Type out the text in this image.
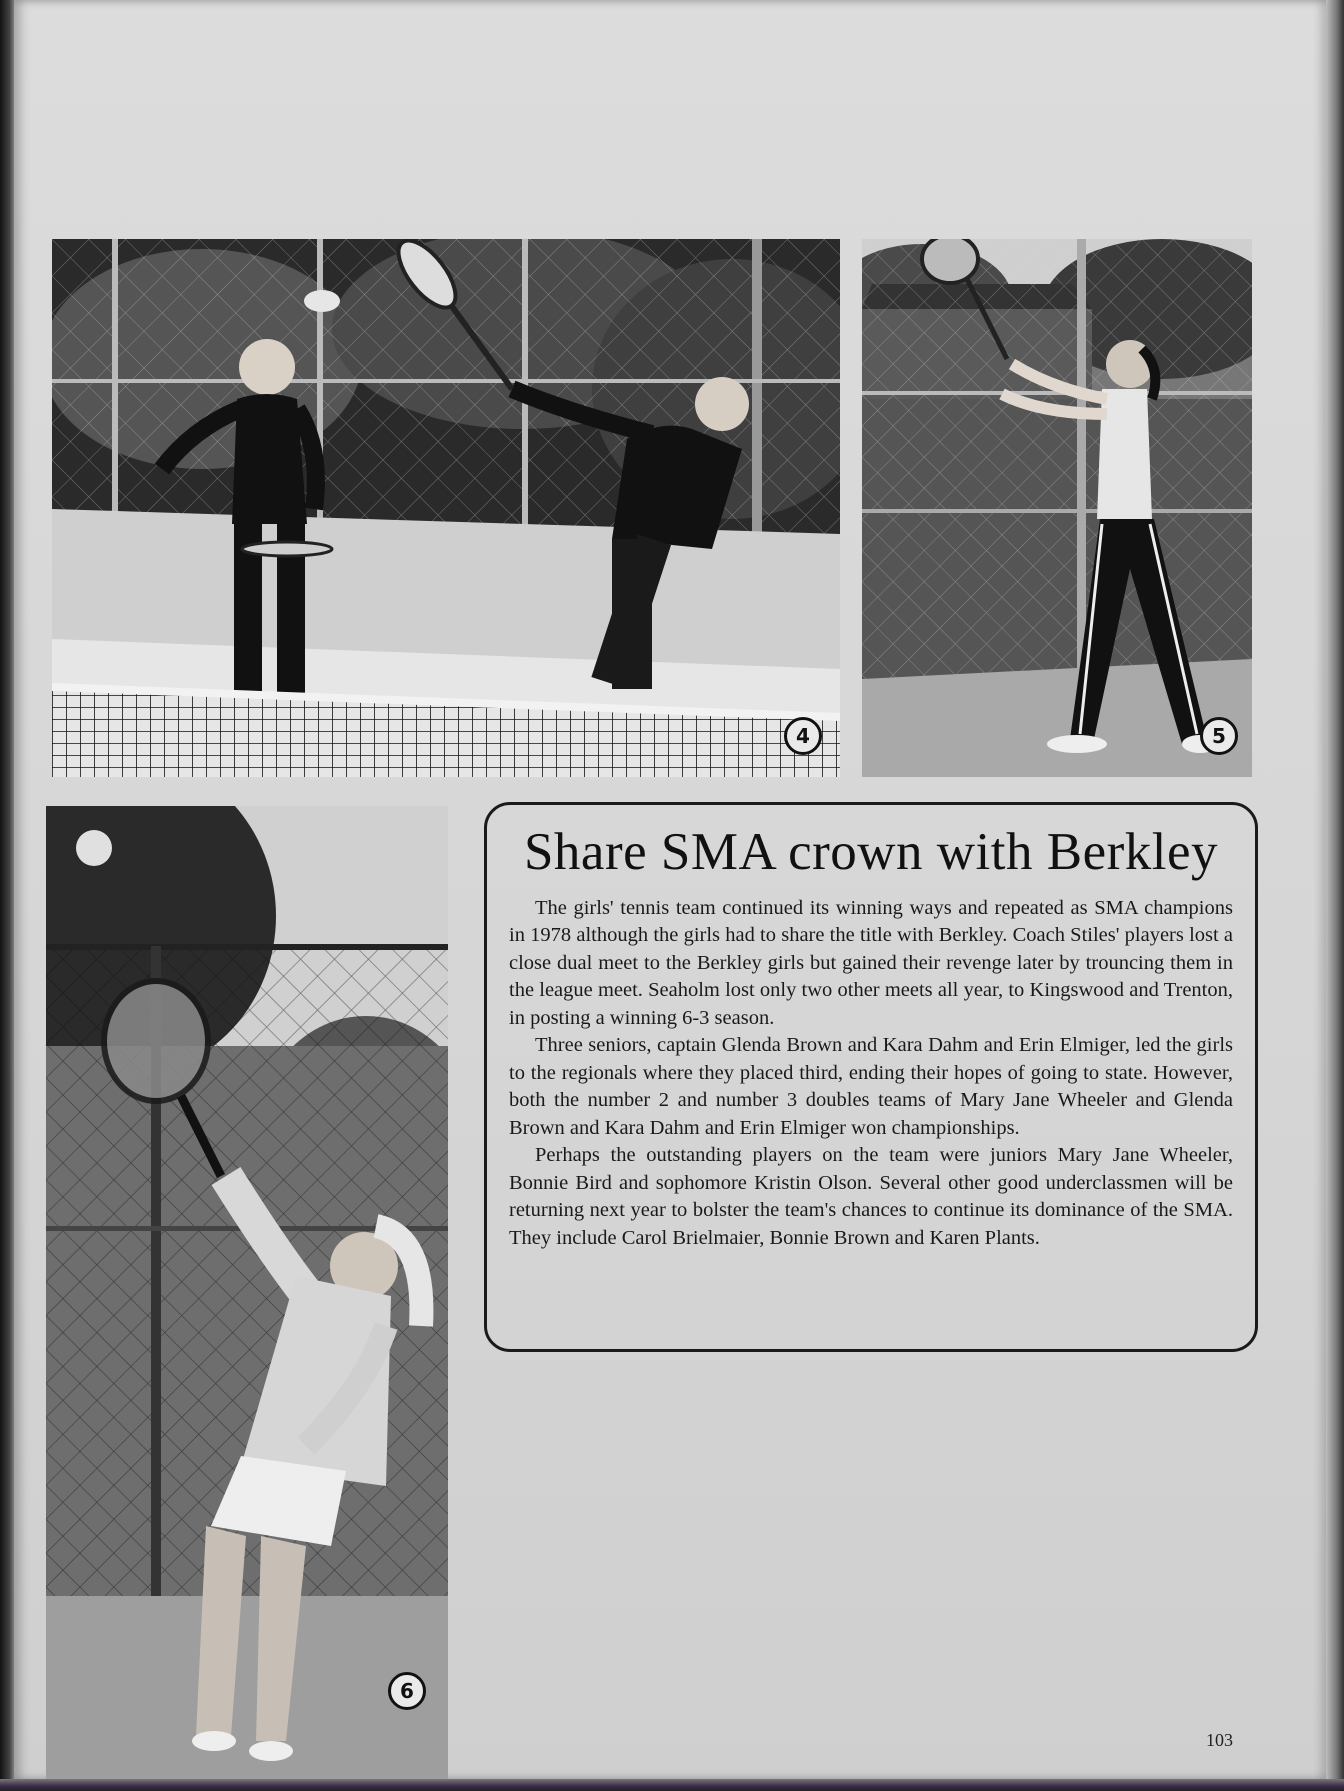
4	5
6
Share SMA crown with Berkley

The girls' tennis team continued its winning ways and repeated as SMA champions in 1978 although the girls had to share the title with Berkley. Coach Stiles' players lost a close dual meet to the Berkley girls but gained their revenge later by trouncing them in the league meet. Seaholm lost only two other meets all year, to Kingswood and Trenton, in posting a winning 6-3 season.

Three seniors, captain Glenda Brown and Kara Dahm and Erin Elmiger, led the girls to the regionals where they placed third, ending their hopes of going to state. However, both the number 2 and number 3 doubles teams of Mary Jane Wheeler and Glenda Brown and Kara Dahm and Erin Elmiger won championships.

Perhaps the outstanding players on the team were juniors Mary Jane Wheeler, Bonnie Bird and sophomore Kristin Olson. Several other good underclassmen will be returning next year to bolster the team's chances to continue its dominance of the SMA. They include Carol Brielmaier, Bonnie Brown and Karen Plants.

103
